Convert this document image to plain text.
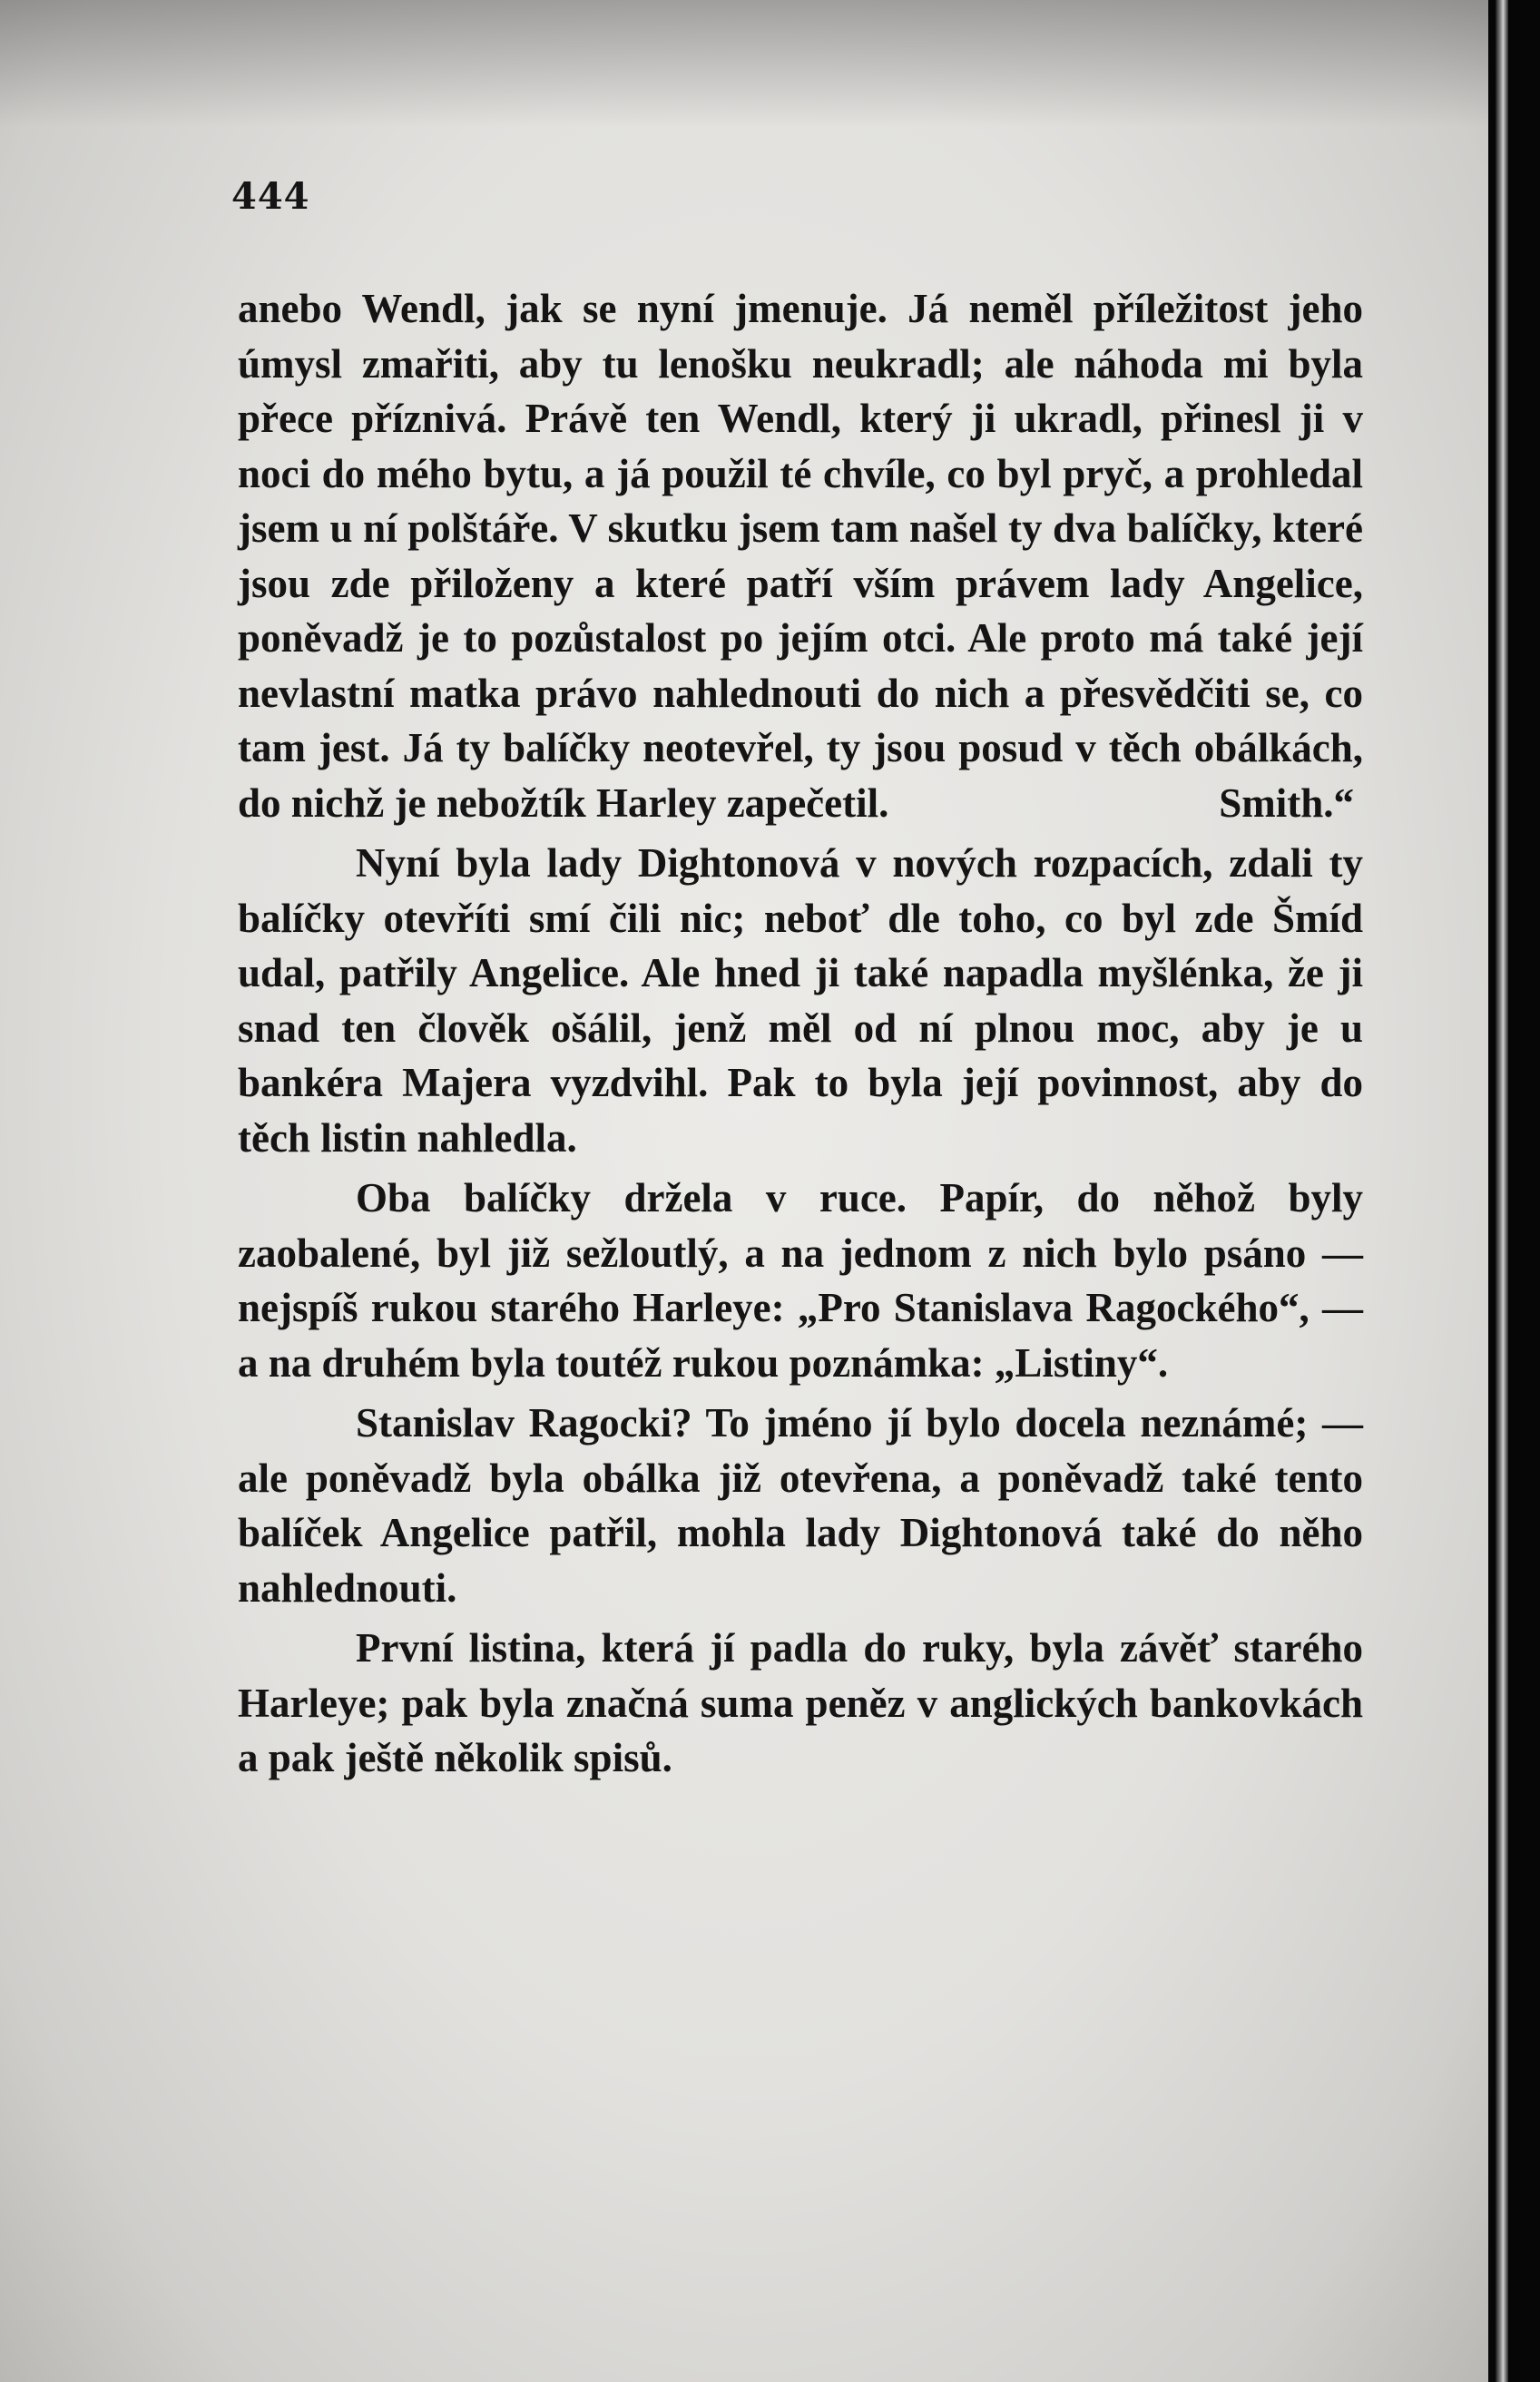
444

anebo Wendl, jak se nyní jmenuje. Já neměl příležitost jeho úmysl zmařiti, aby tu lenošku neukradl; ale náhoda mi byla přece příznivá. Právě ten Wendl, který ji ukradl, přinesl ji v noci do mého bytu, a já použil té chvíle, co byl pryč, a prohledal jsem u ní polštáře. V skutku jsem tam našel ty dva balíčky, které jsou zde přiloženy a které patří vším právem lady Angelice, poněvadž je to pozůstalost po jejím otci. Ale proto má také její nevlastní matka právo nahlednouti do nich a přesvědčiti se, co tam jest. Já ty balíčky neotevřel, ty jsou posud v těch obálkách, do nichž je nebožtík Harley zapečetil.	Smith.“

Nyní byla lady Dightonová v nových rozpacích, zdali ty balíčky otevříti smí čili nic; neboť dle toho, co byl zde Šmíd udal, patřily Angelice. Ale hned ji také napadla myšlénka, že ji snad ten člověk ošálil, jenž měl od ní plnou moc, aby je u bankéra Majera vyzdvihl. Pak to byla její povinnost, aby do těch listin nahledla.

Oba balíčky držela v ruce. Papír, do něhož byly zaobalené, byl již sežloutlý, a na jednom z nich bylo psáno — nejspíš rukou starého Harleye: „Pro Stanislava Ragockého“, — a na druhém byla toutéž rukou poznámka: „Listiny“.

Stanislav Ragocki? To jméno jí bylo docela neznámé; — ale poněvadž byla obálka již otevřena, a poněvadž také tento balíček Angelice patřil, mohla lady Dightonová také do něho nahlednouti.

První listina, která jí padla do ruky, byla závěť starého Harleye; pak byla značná suma peněz v anglických bankovkách a pak ještě několik spisů.
